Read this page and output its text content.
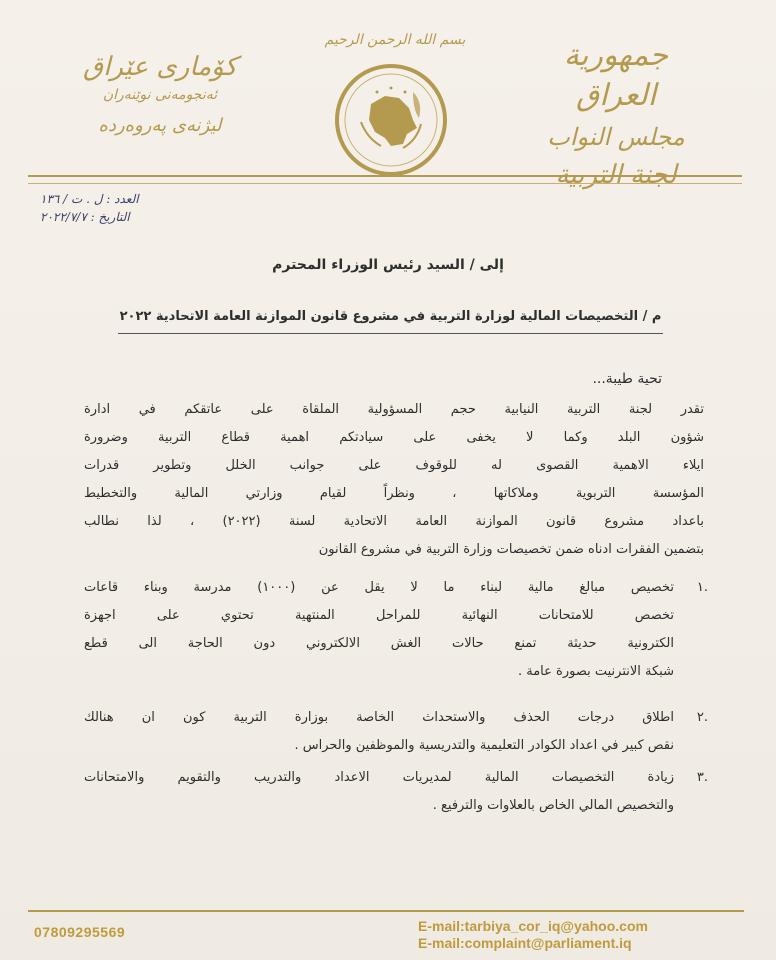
بسم الله الرحمن الرحيم	جمهورية العراق
مجلس النواب
لجنة التربية
كۆماری عێراق
ئەنجومەنی نوێنەران
لیژنەی پەروەردە
العدد : ل . ت / ١٣٦
التاريخ : ٢٠٢٢/٧/٧
إلى / السيد رئيس الوزراء المحترم
م / التخصيصات المالية لوزارة التربية في مشروع قانون الموازنة العامة الاتحادية ٢٠٢٢
تحية طيبة...
تقدر لجنة التربية النيابية حجم المسؤولية الملقاة على عاتقكم في ادارة
شؤون البلد وكما لا يخفى على سيادتكم اهمية قطاع التربية وضرورة
ايلاء الاهمية القصوى له للوقوف على جوانب الخلل وتطوير قدرات
المؤسسة التربوية وملاكاتها ، ونظراً لقيام وزارتي المالية والتخطيط
باعداد مشروع قانون الموازنة العامة الاتحادية لسنة (٢٠٢٢) ، لذا نطالب
بتضمين الفقرات ادناه ضمن تخصيصات وزارة التربية في مشروع القانون
.١
تخصيص مبالغ مالية لبناء ما لا يقل عن (١٠٠٠) مدرسة وبناء قاعات
تخصص للامتحانات النهائية للمراحل المنتهية تحتوي على اجهزة
الكترونية حديثة تمنع حالات الغش الالكتروني دون الحاجة الى قطع
شبكة الانترنيت بصورة عامة .
.٢
اطلاق درجات الحذف والاستحداث الخاصة بوزارة التربية كون ان هنالك
نقص كبير في اعداد الكوادر التعليمية والتدريسية والموظفين والحراس .
.٣
زيادة التخصيصات المالية لمديريات الاعداد والتدريب والتقويم والامتحانات
والتخصيص المالي الخاص بالعلاوات والترفيع .
07809295569	E-mail:tarbiya_cor_iq@yahoo.com
E-mail:complaint@parliament.iq
